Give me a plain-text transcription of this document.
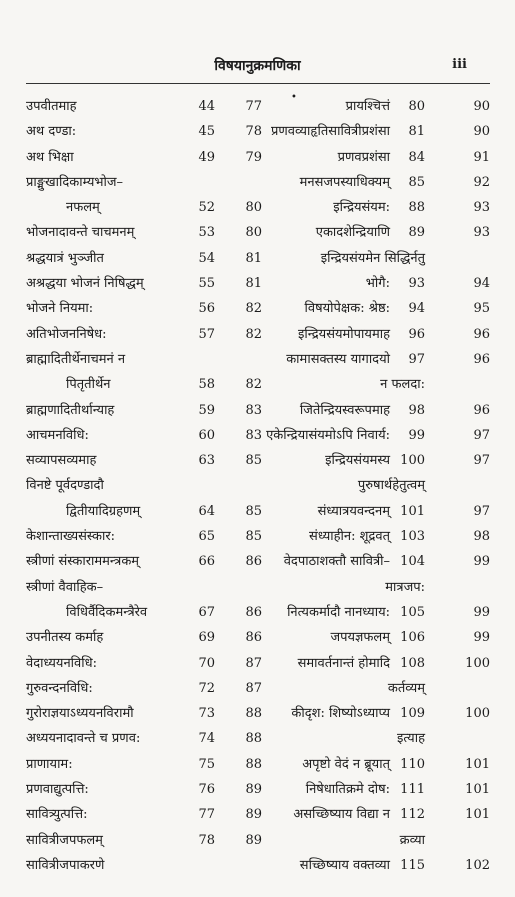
विषयानुक्रमणिका	iii
•
उपवीतमाह	44	77
अथ दण्डा:	45	78
अथ भिक्षा	49	79
प्राङ्मुखादिकाम्यभोज–
नफलम्	52	80
भोजनादावन्ते चाचमनम्	53	80
श्रद्धयात्रं भुञ्जीत	54	81
अश्रद्धया भोजनं निषिद्धम्	55	81
भोजने नियमा:	56	82
अतिभोजननिषेध:	57	82
ब्राह्मादितीर्थेनाचमनं न
पितृतीर्थेन	58	82
ब्राह्मणादितीर्थान्याह	59	83
आचमनविधि:	60	83
सव्यापसव्यमाह	63	85
विनष्टे पूर्वदण्डादौ
द्वितीयादिग्रहणम्	64	85
केशान्ताख्यसंस्कार:	65	85
स्त्रीणां संस्काराममन्त्रकम्	66	86
स्त्रीणां वैवाहिक–
विधिर्वैदिकमन्त्रैरेव	67	86
उपनीतस्य कर्माह	69	86
वेदाध्ययनविधि:	70	87
गुरुवन्दनविधि:	72	87
गुरोराज्ञयाऽध्ययनविरामौ	73	88
अध्ययनादावन्ते च प्रणव:	74	88
प्राणायाम:	75	88
प्रणवाद्युत्पत्ति:	76	89
सावित्र्युत्पत्ति:	77	89
सावित्रीजपफलम्	78	89
सावित्रीजपाकरणे
प्रायश्चित्तं	80	90
प्रणवव्याहृतिसावित्रीप्रशंसा	81	90
प्रणवप्रशंसा	84	91
मनसजपस्याधिक्यम्	85	92
इन्द्रियसंयम:	88	93
एकादशेन्द्रियाणि	89	93
इन्द्रियसंयमेन सिद्धिर्नतु
भोगै:	93	94
विषयोपेक्षक: श्रेष्ठ:	94	95
इन्द्रियसंयमोपायमाह	96	96
कामासक्तस्य यागादयो	97	96
न फलदा:
जितेन्द्रियस्वरूपमाह	98	96
एकेन्द्रियासंयमोऽपि निवार्य:	99	97
इन्द्रियसंयमस्य 100	97
पुरुषार्थहेतुत्वम्
संध्यात्रयवन्दनम् 101	97
संध्याहीन: शूद्रवत् 103	98
वेदपाठाशक्तौ सावित्री– 104	99
मात्रजप:
नित्यकर्मादौ नानध्याय: 105	99
जपयज्ञफलम् 106	99
समावर्तनान्तं होमादि 108	100
कर्तव्यम्
कीदृश: शिष्योऽध्याप्य 109	100
इत्याह
अपृष्टो वेदं न ब्रूयात् 110	101
निषेधातिक्रमे दोष: 111	101
असच्छिष्याय विद्या न 112	101
क्रव्या
सच्छिष्याय वक्तव्या 115	102
